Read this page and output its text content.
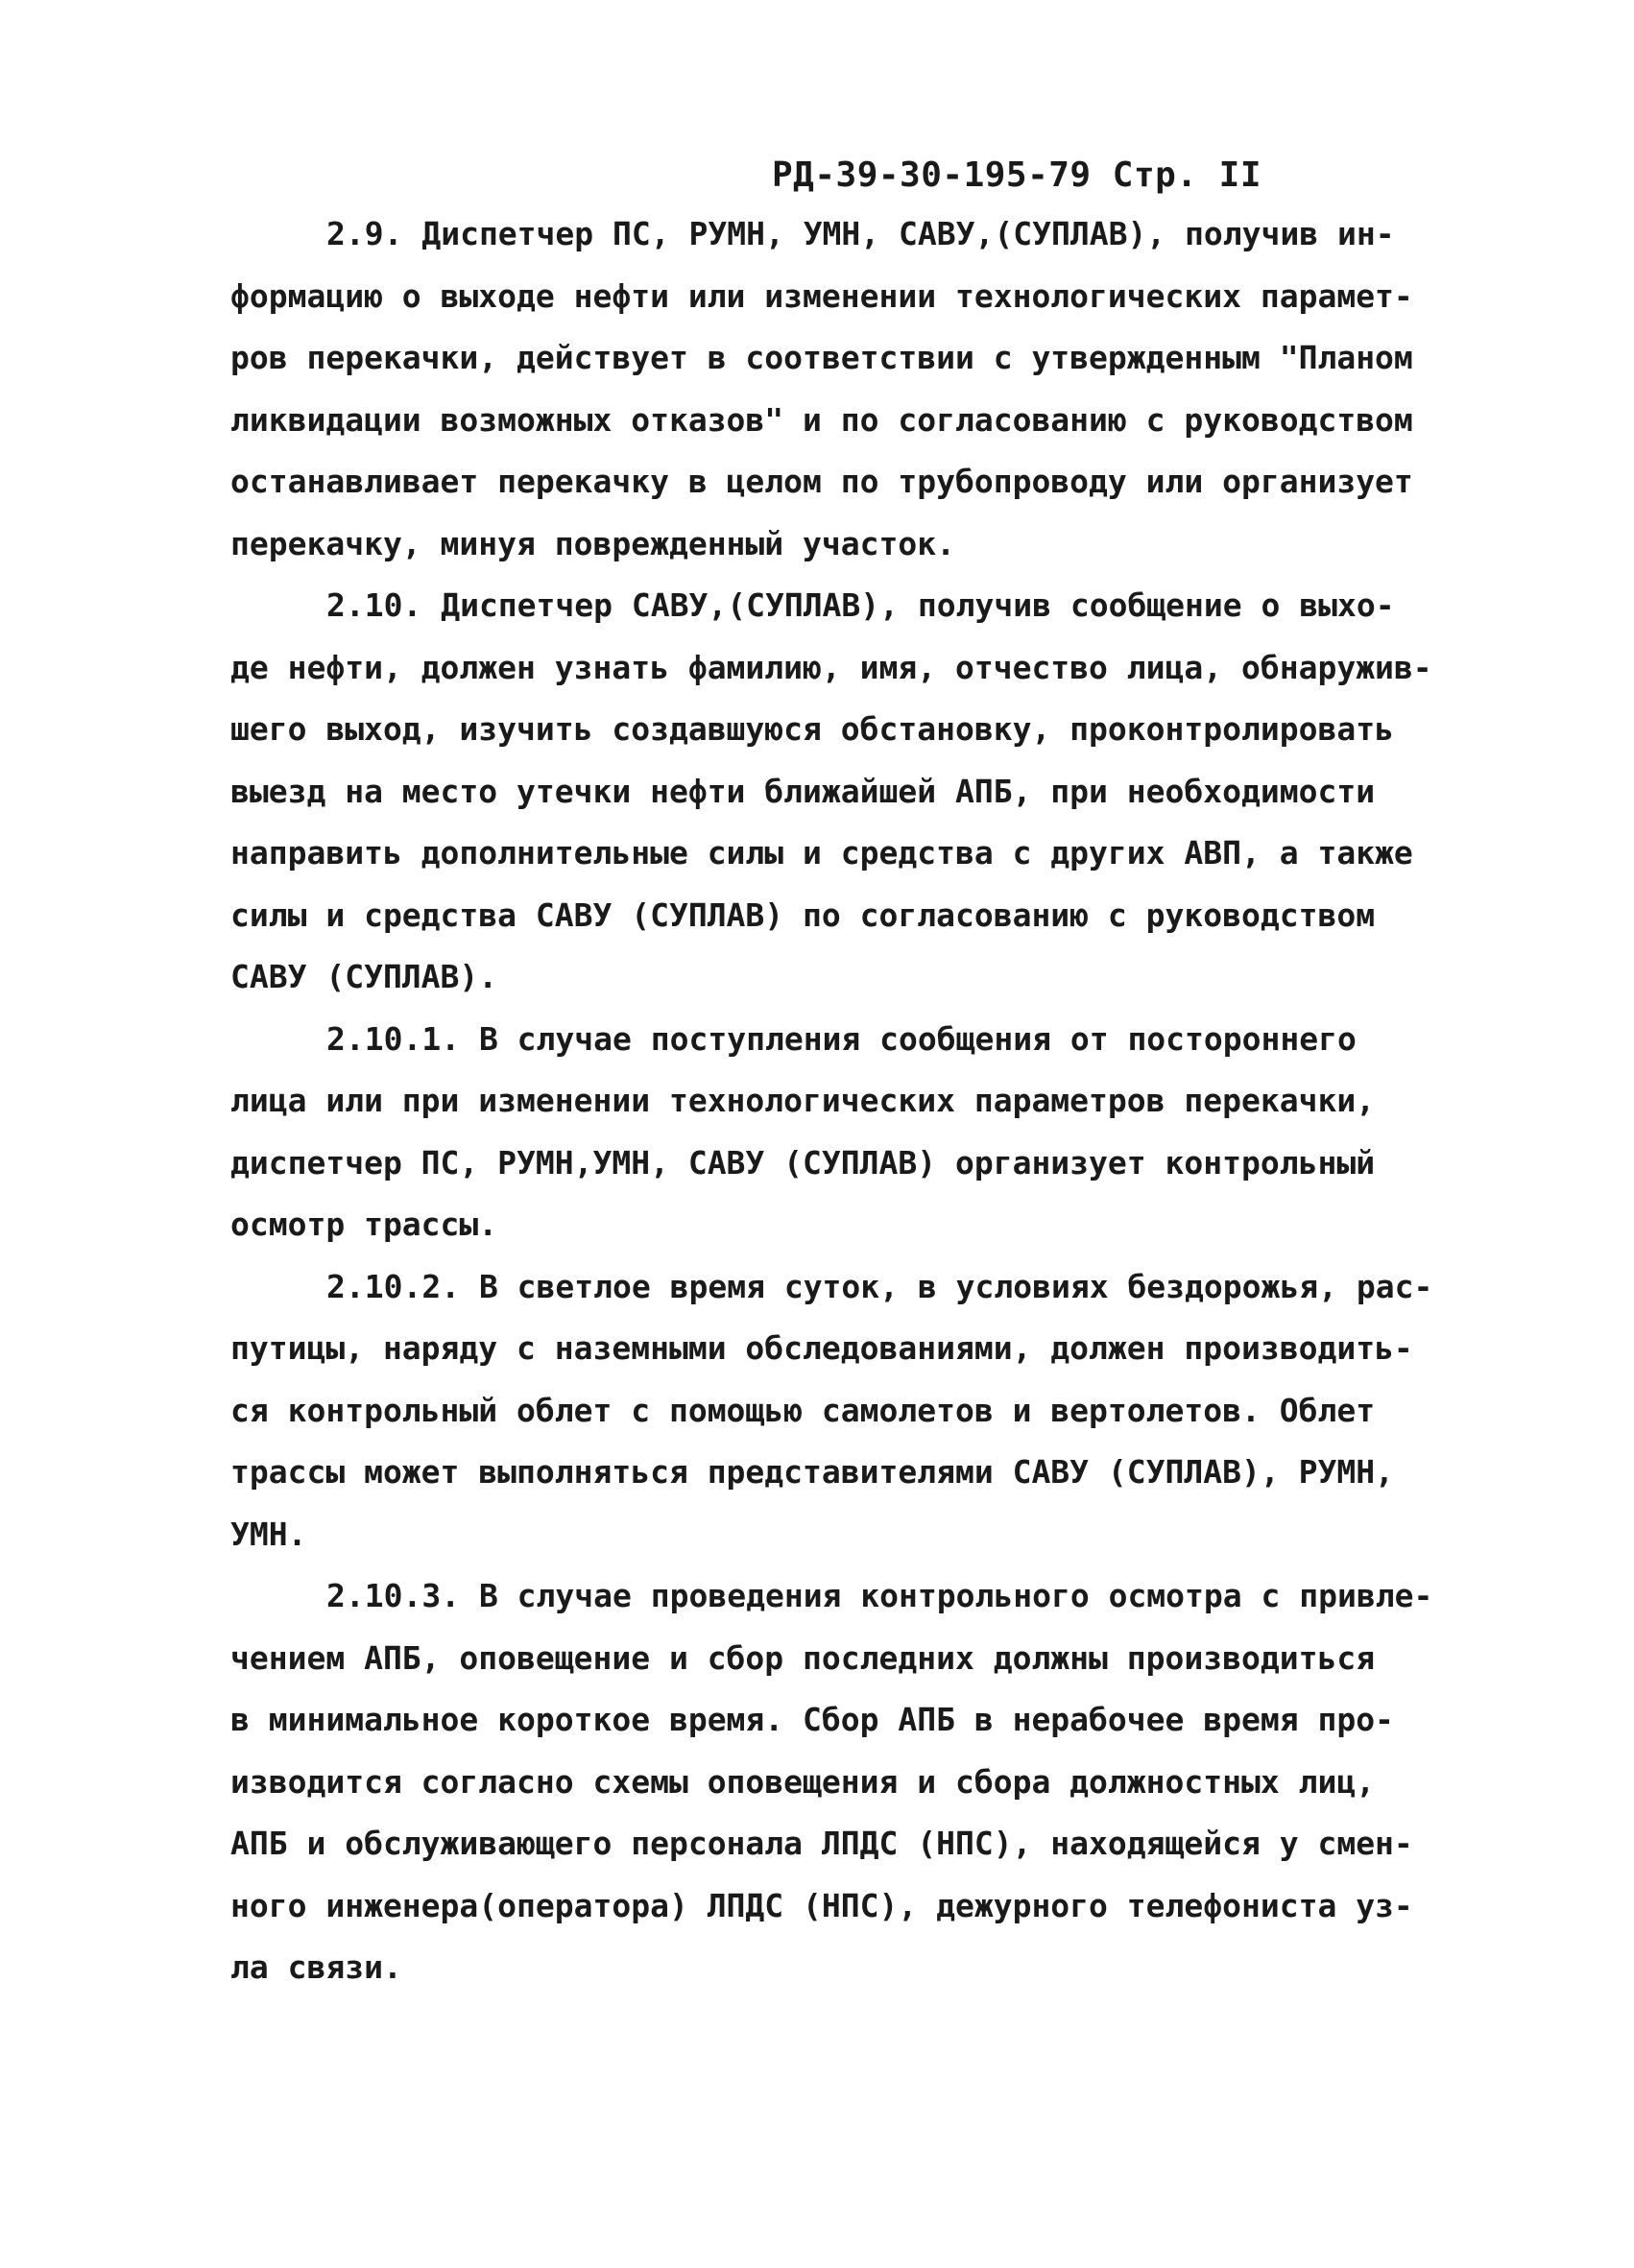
РД-39-30-195-79 Стр. II
2.9. Диспетчер ПС, РУМН, УМН, САВУ,(СУПЛАВ), получив ин-
формацию о выходе нефти или изменении технологических парамет-
ров перекачки, действует в соответствии с утвержденным "Планом
ликвидации возможных отказов" и по согласованию с руководством
останавливает перекачку в целом по трубопроводу или организует
перекачку, минуя поврежденный участок.
2.10. Диспетчер САВУ,(СУПЛАВ), получив сообщение о выхо-
де нефти, должен узнать фамилию, имя, отчество лица, обнаружив-
шего выход, изучить создавшуюся обстановку, проконтролировать
выезд на место утечки нефти ближайшей АПБ, при необходимости
направить дополнительные силы и средства с других АВП, а также
силы и средства САВУ (СУПЛАВ) по согласованию с руководством
САВУ (СУПЛАВ).
2.10.1. В случае поступления сообщения от постороннего
лица или при изменении технологических параметров перекачки,
диспетчер ПС, РУМН,УМН, САВУ (СУПЛАВ) организует контрольный
осмотр трассы.
2.10.2. В светлое время суток, в условиях бездорожья, рас-
путицы, наряду с наземными обследованиями, должен производить-
ся контрольный облет с помощью самолетов и вертолетов. Облет
трассы может выполняться представителями САВУ (СУПЛАВ), РУМН,
УМН.
2.10.3. В случае проведения контрольного осмотра с привле-
чением АПБ, оповещение и сбор последних должны производиться
в минимальное короткое время. Сбор АПБ в нерабочее время про-
изводится согласно схемы оповещения и сбора должностных лиц,
АПБ и обслуживающего персонала ЛПДС (НПС), находящейся у смен-
ного инженера(оператора) ЛПДС (НПС), дежурного телефониста уз-
ла связи.
